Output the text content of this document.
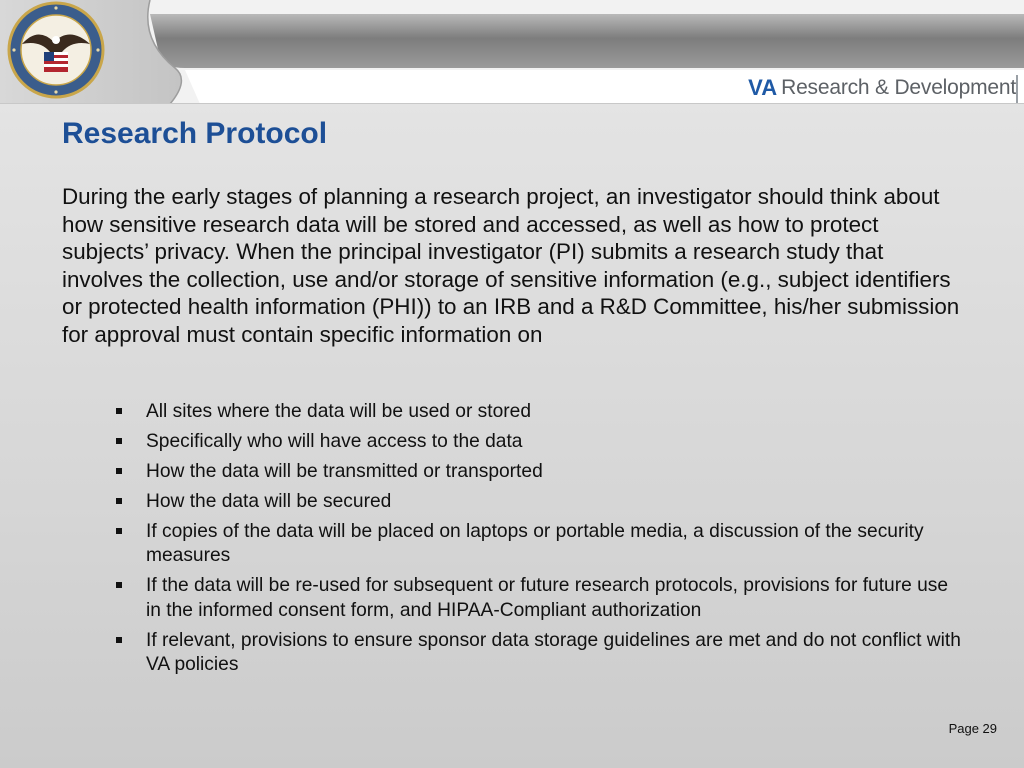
VA Research & Development
Research Protocol

During the early stages of planning a research project, an investigator should think about how sensitive research data will be stored and accessed, as well as how to protect subjects’ privacy. When the principal investigator (PI) submits a research study that involves the collection, use and/or storage of sensitive information (e.g., subject identifiers or protected health information (PHI)) to an IRB and a R&D Committee, his/her submission for approval must contain specific information on

All sites where the data will be used or stored
Specifically who will have access to the data
How the data will be transmitted or transported
How the data will be secured
If copies of the data will be placed on laptops or portable media, a discussion of the security measures
If the data will be re-used for subsequent or future research protocols, provisions for future use in the informed consent form, and HIPAA-Compliant authorization
If relevant, provisions to ensure sponsor data storage guidelines are met and do not conflict with VA policies
Page 29
